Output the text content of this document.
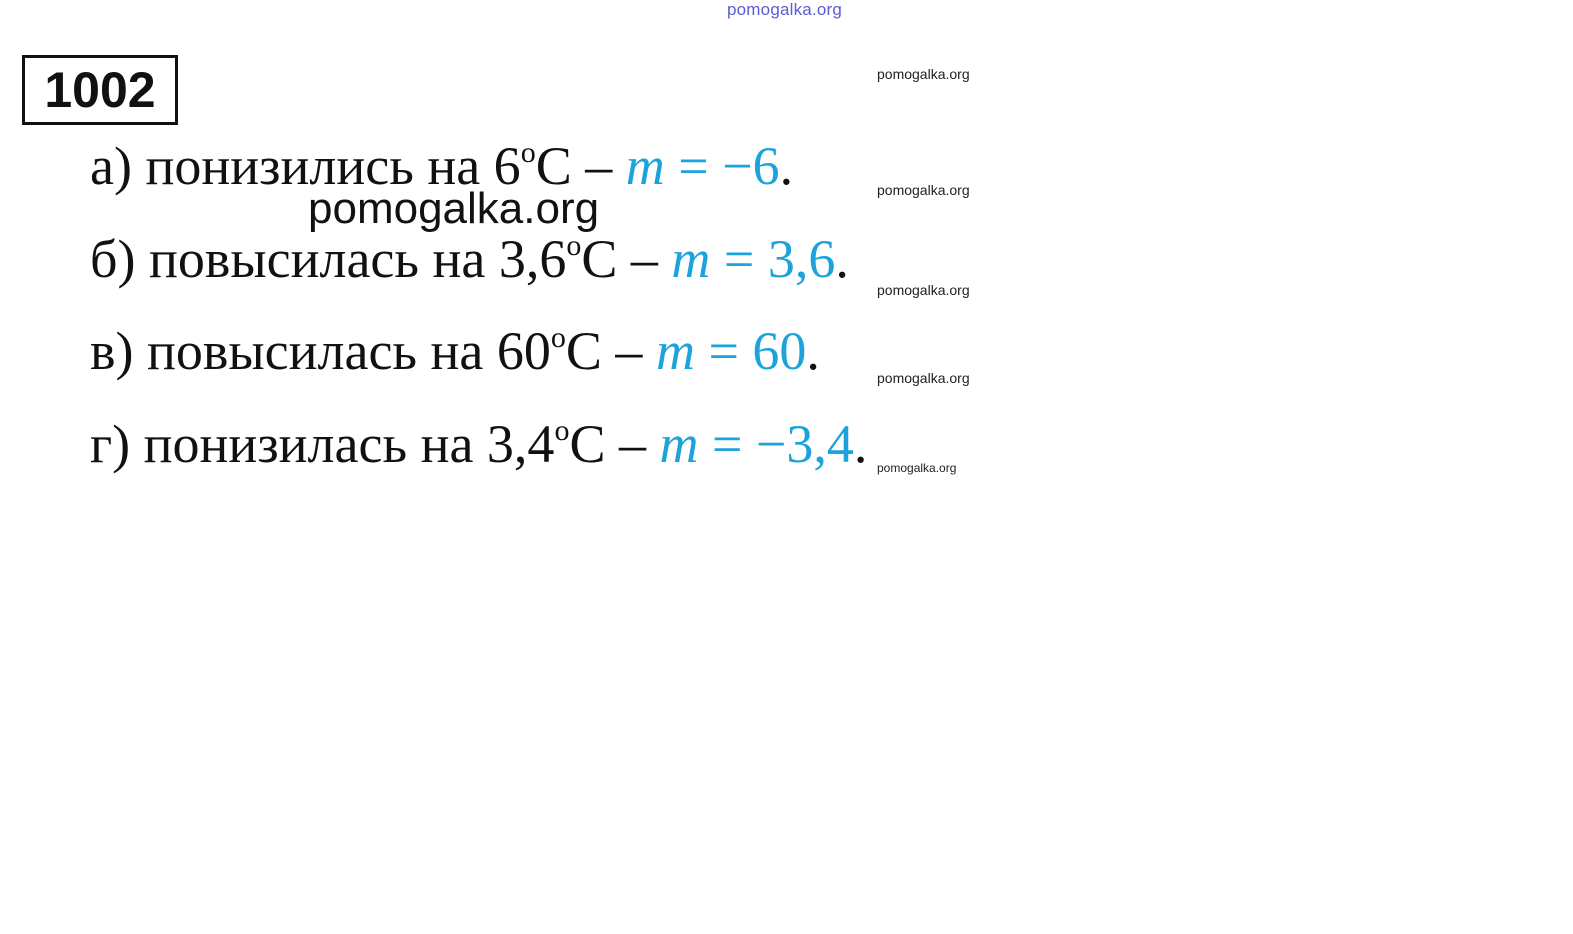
pomogalka.org
1002	pomogalka.org
pomogalka.org
pomogalka.org
pomogalka.org
pomogalka.org
а) понизились на $6^оC - m = -6$.
pomogalka.org
б) повысилась на $3,6^оC - m = 3,6$.
в) повысилась на $60^оC - m = 60$.
г) понизилась на $3,4^оC - m = -3,4$.
